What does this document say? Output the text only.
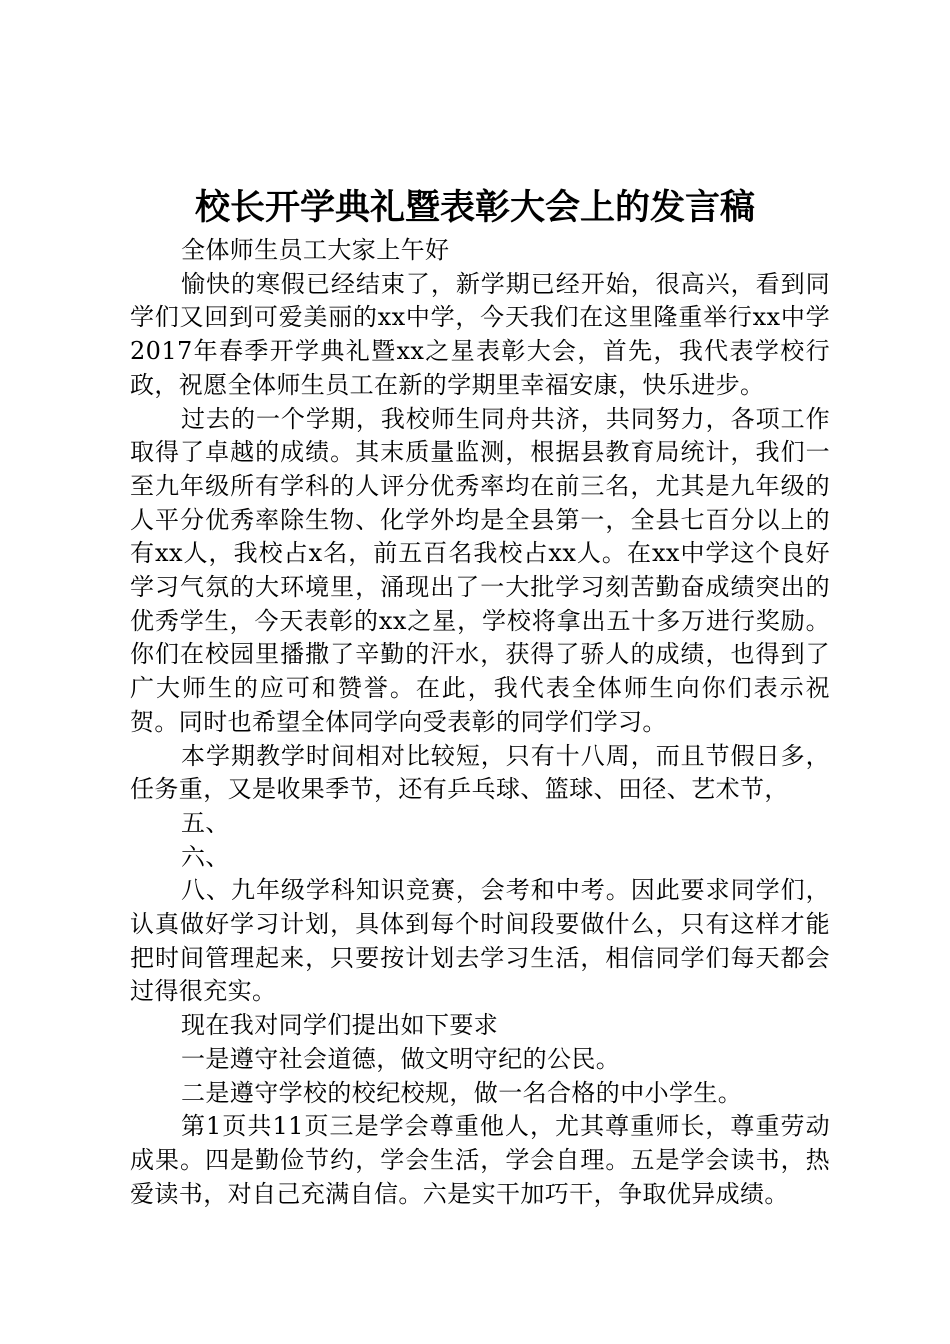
校长开学典礼暨表彰大会上的发言稿

全体师生员工大家上午好

愉快的寒假已经结束了，新学期已经开始，很高兴，看到同学们又回到可爱美丽的xx中学，今天我们在这里隆重举行xx中学2017年春季开学典礼暨xx之星表彰大会，首先，我代表学校行政，祝愿全体师生员工在新的学期里幸福安康，快乐进步。

过去的一个学期，我校师生同舟共济，共同努力，各项工作取得了卓越的成绩。其末质量监测，根据县教育局统计，我们一至九年级所有学科的人评分优秀率均在前三名，尤其是九年级的人平分优秀率除生物、化学外均是全县第一，全县七百分以上的有xx人，我校占x名，前五百名我校占xx人。在xx中学这个良好学习气氛的大环境里，涌现出了一大批学习刻苦勤奋成绩突出的优秀学生，今天表彰的xx之星，学校将拿出五十多万进行奖励。你们在校园里播撒了辛勤的汗水，获得了骄人的成绩，也得到了广大师生的应可和赞誉。在此，我代表全体师生向你们表示祝贺。同时也希望全体同学向受表彰的同学们学习。

本学期教学时间相对比较短，只有十八周，而且节假日多，任务重，又是收果季节，还有乒乓球、篮球、田径、艺术节，

五、

六、

八、九年级学科知识竞赛，会考和中考。因此要求同学们，认真做好学习计划，具体到每个时间段要做什么，只有这样才能把时间管理起来，只要按计划去学习生活，相信同学们每天都会过得很充实。

现在我对同学们提出如下要求

一是遵守社会道德，做文明守纪的公民。

二是遵守学校的校纪校规，做一名合格的中小学生。

第1页共11页三是学会尊重他人，尤其尊重师长，尊重劳动成果。四是勤俭节约，学会生活，学会自理。五是学会读书，热爱读书，对自己充满自信。六是实干加巧干，争取优异成绩。
